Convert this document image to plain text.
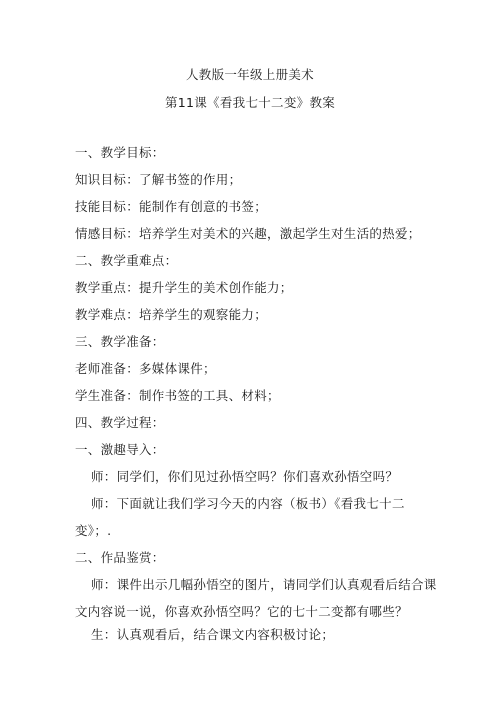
人教版一年级上册美术
第11课《看我七十二变》教案
一、教学目标：
知识目标：了解书签的作用；
技能目标：能制作有创意的书签；
情感目标：培养学生对美术的兴趣，激起学生对生活的热爱；
二、教学重难点：
教学重点：提升学生的美术创作能力；
教学难点：培养学生的观察能力；
三、教学准备：
老师准备：多媒体课件；
学生准备：制作书签的工具、材料；
四、教学过程：
一、激趣导入：
师：同学们，你们见过孙悟空吗？你们喜欢孙悟空吗？
师：下面就让我们学习今天的内容（板书）《看我七十二
变》；.
二、作品鉴赏：
师：课件出示几幅孙悟空的图片，请同学们认真观看后结合课
文内容说一说，你喜欢孙悟空吗？它的七十二变都有哪些？
生：认真观看后，结合课文内容积极讨论；
